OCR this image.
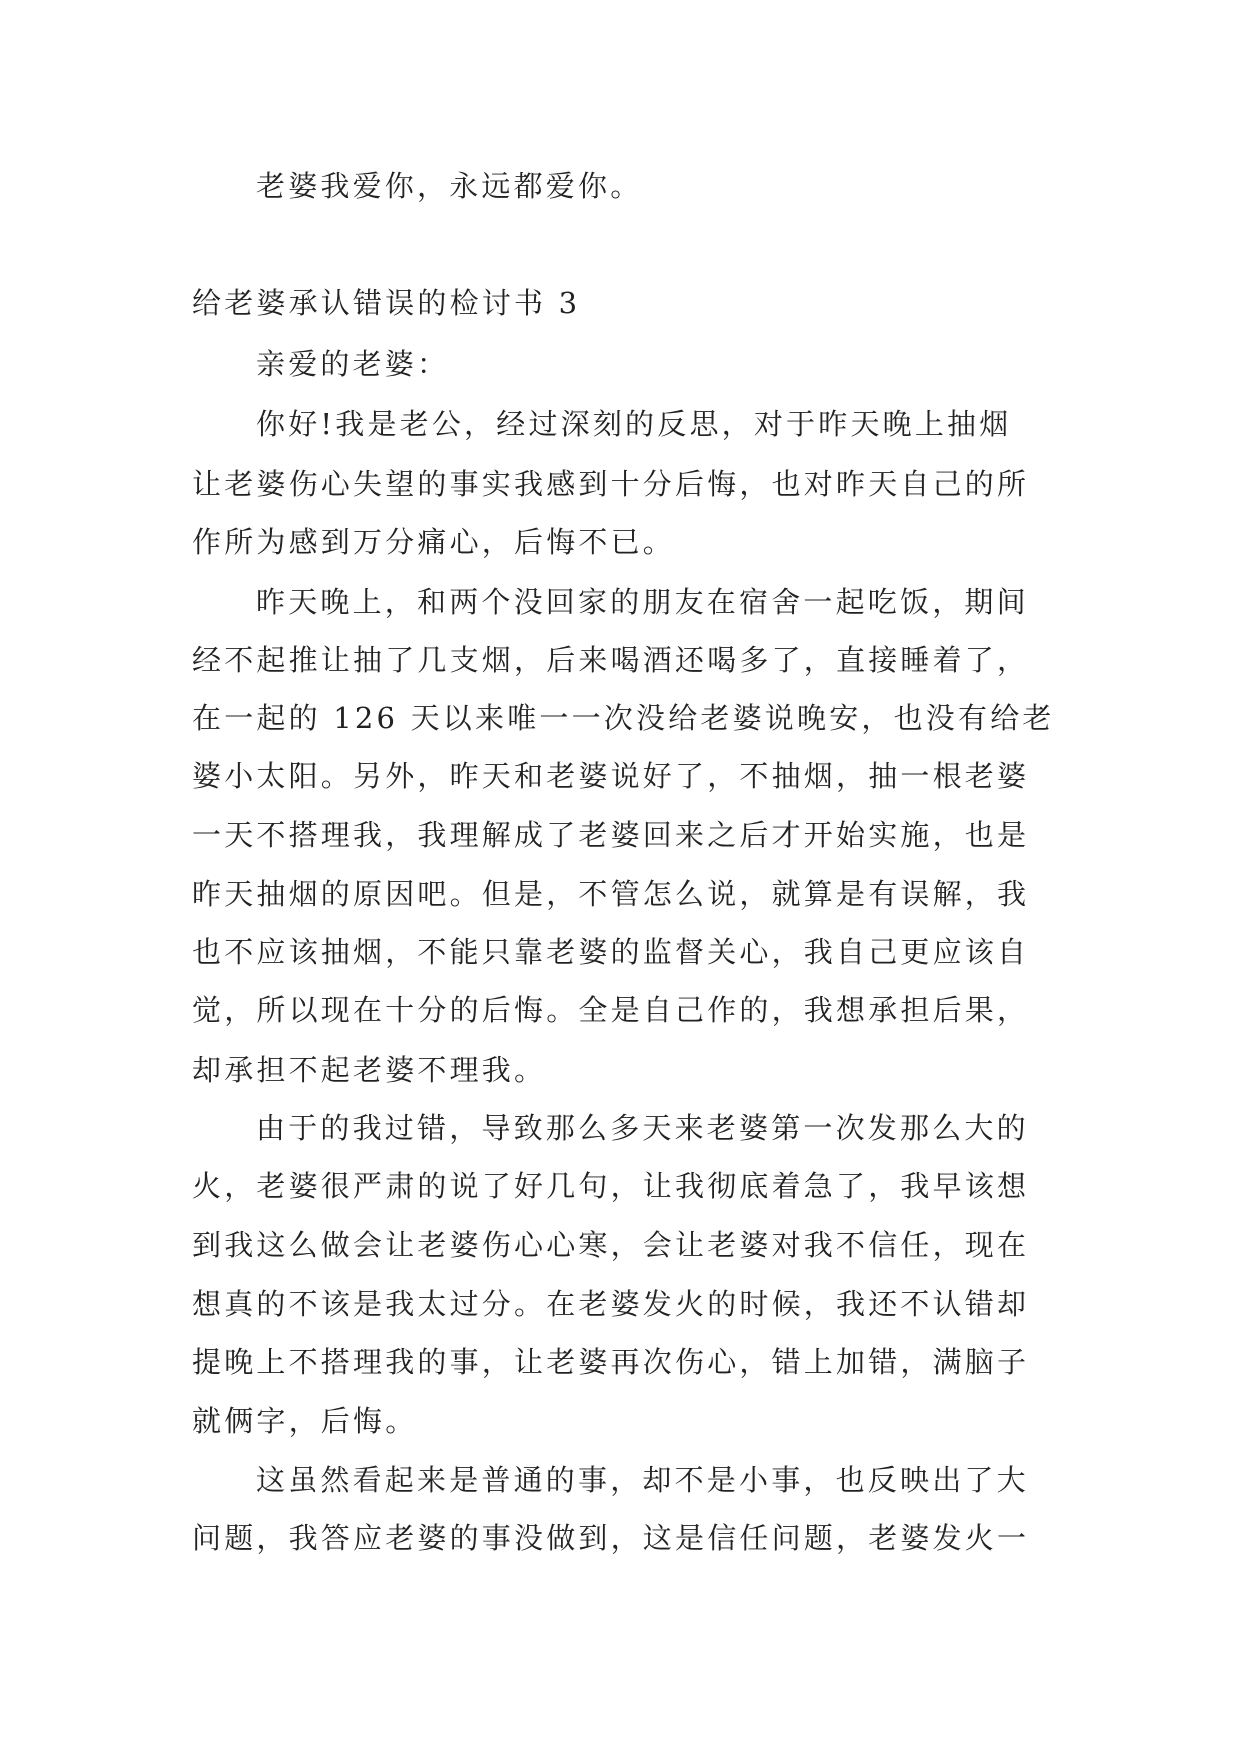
老婆我爱你，永远都爱你。
给老婆承认错误的检讨书 3
亲爱的老婆：
你好!我是老公，经过深刻的反思，对于昨天晚上抽烟
让老婆伤心失望的事实我感到十分后悔，也对昨天自己的所
作所为感到万分痛心，后悔不已。
昨天晚上，和两个没回家的朋友在宿舍一起吃饭，期间
经不起推让抽了几支烟，后来喝酒还喝多了，直接睡着了，
在一起的 126 天以来唯一一次没给老婆说晚安，也没有给老
婆小太阳。另外，昨天和老婆说好了，不抽烟，抽一根老婆
一天不搭理我，我理解成了老婆回来之后才开始实施，也是
昨天抽烟的原因吧。但是，不管怎么说，就算是有误解，我
也不应该抽烟，不能只靠老婆的监督关心，我自己更应该自
觉，所以现在十分的后悔。全是自己作的，我想承担后果，
却承担不起老婆不理我。
由于的我过错，导致那么多天来老婆第一次发那么大的
火，老婆很严肃的说了好几句，让我彻底着急了，我早该想
到我这么做会让老婆伤心心寒，会让老婆对我不信任，现在
想真的不该是我太过分。在老婆发火的时候，我还不认错却
提晚上不搭理我的事，让老婆再次伤心，错上加错，满脑子
就俩字，后悔。
这虽然看起来是普通的事，却不是小事，也反映出了大
问题，我答应老婆的事没做到，这是信任问题，老婆发火一
